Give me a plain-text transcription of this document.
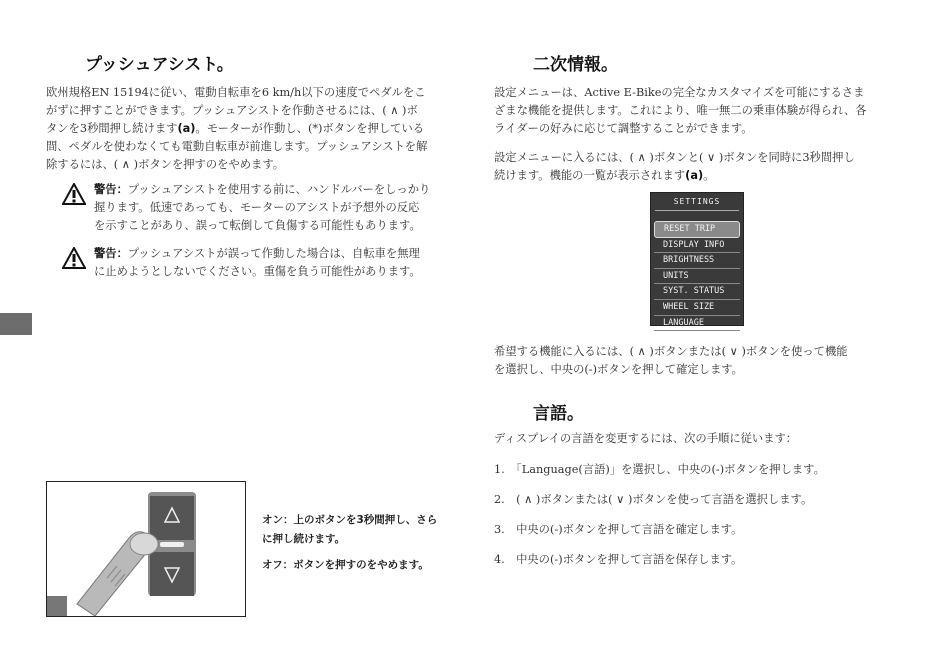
プッシュアシスト。
欧州規格EN 15194に従い、電動自転車を6 km/h以下の速度でペダルをこ
がずに押すことができます。プッシュアシストを作動させるには、( ∧ )ボ
タンを3秒間押し続けます(a)。モーターが作動し、(*)ボタンを押している
間、ペダルを使わなくても電動自転車が前進します。プッシュアシストを解
除するには、( ∧ )ボタンを押すのをやめます。
警告：プッシュアシストを使用する前に、ハンドルバーをしっかり
握ります。低速であっても、モーターのアシストが予想外の反応
を示すことがあり、誤って転倒して負傷する可能性もあります。
警告：プッシュアシストが誤って作動した場合は、自転車を無理
に止めようとしないでください。重傷を負う可能性があります。
オン：上のボタンを3秒間押し、さら
に押し続けます。
オフ：ボタンを押すのをやめます。
二次情報。
設定メニューは、Active E-Bikeの完全なカスタマイズを可能にするさま
ざまな機能を提供します。これにより、唯一無二の乗車体験が得られ、各
ライダーの好みに応じて調整することができます。
設定メニューに入るには、( ∧ )ボタンと( ∨ )ボタンを同時に3秒間押し
続けます。機能の一覧が表示されます(a)。
SETTINGS
RESET TRIP
DISPLAY INFO
BRIGHTNESS
UNITS
SYST. STATUS
WHEEL SIZE
LANGUAGE
希望する機能に入るには、( ∧ )ボタンまたは( ∨ )ボタンを使って機能
を選択し、中央の(-)ボタンを押して確定します。
言語。
ディスプレイの言語を変更するには、次の手順に従います：
1.　「Language(言語)」を選択し、中央の(-)ボタンを押します。
2.　( ∧ )ボタンまたは( ∨ )ボタンを使って言語を選択します。
3.　中央の(-)ボタンを押して言語を確定します。
4.　中央の(-)ボタンを押して言語を保存します。
